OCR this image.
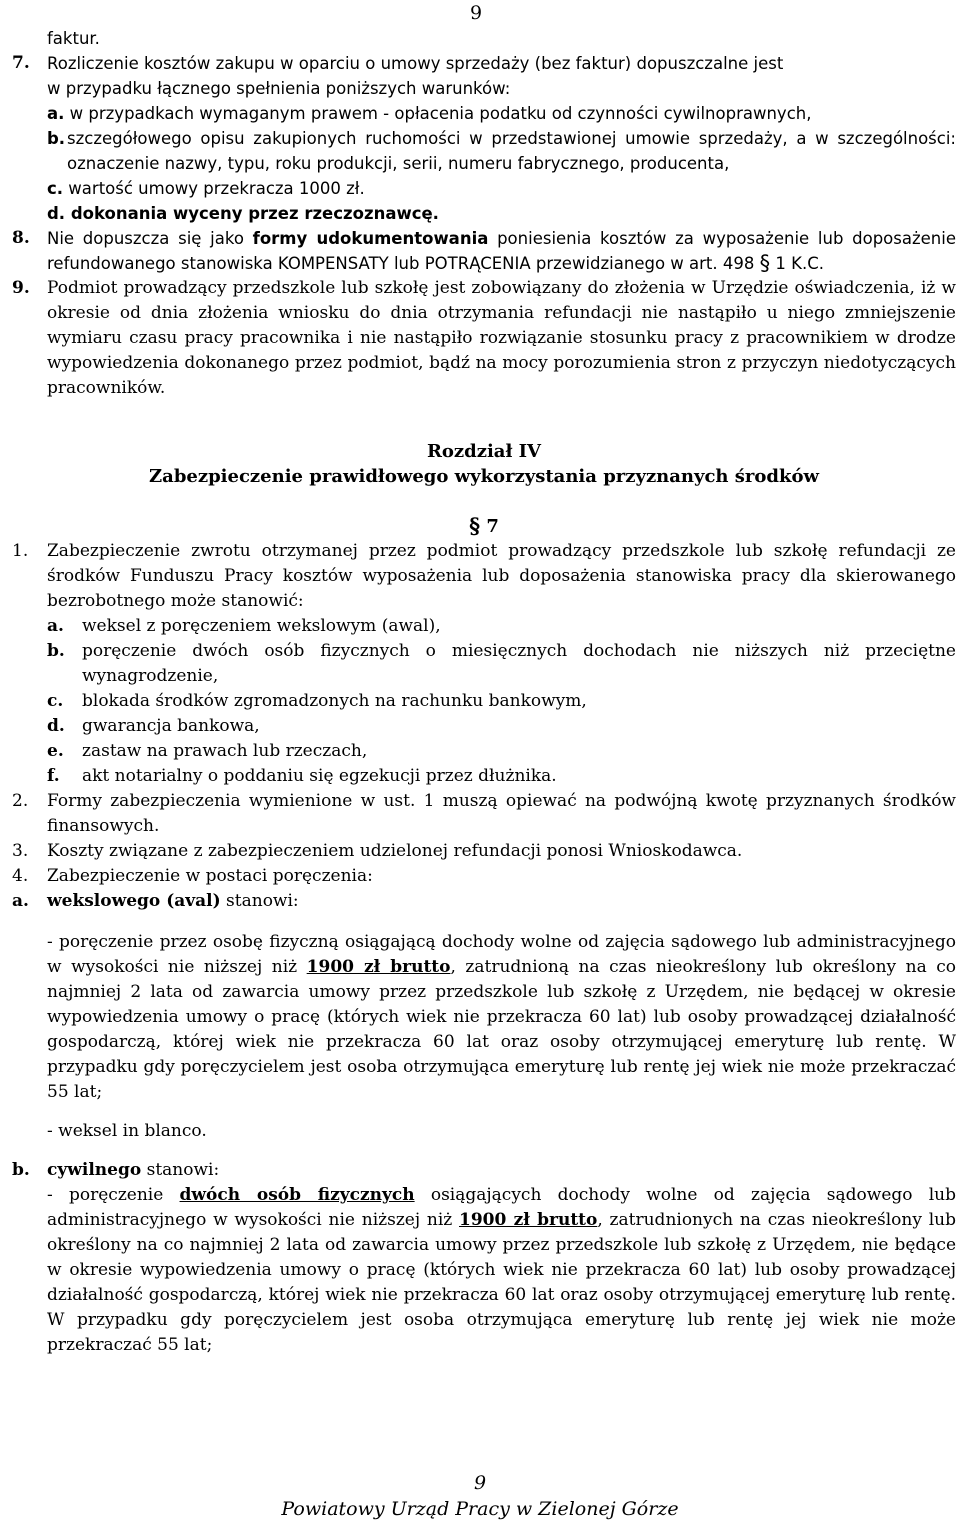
9
faktur.
7.	Rozliczenie kosztów zakupu w oparciu o umowy sprzedaży (bez faktur) dopuszczalne jest
w przypadku łącznego spełnienia poniższych warunków:
a. w przypadkach wymaganym prawem - opłacenia podatku od czynności cywilnoprawnych,
b. szczegółowego opisu zakupionych ruchomości w przedstawionej umowie sprzedaży, a w szczególności: oznaczenie nazwy, typu, roku produkcji, serii, numeru fabrycznego, producenta,
c. wartość umowy przekracza 1000 zł.
d. dokonania wyceny przez rzeczoznawcę.
8.	Nie dopuszcza się jako formy udokumentowania poniesienia kosztów za wyposażenie lub doposażenie refundowanego stanowiska KOMPENSATY lub POTRĄCENIA przewidzianego w art. 498 § 1 K.C.
9.	Podmiot prowadzący przedszkole lub szkołę jest zobowiązany do złożenia w Urzędzie oświadczenia, iż w okresie od dnia złożenia wniosku do dnia otrzymania refundacji nie nastąpiło u niego zmniejszenie wymiaru czasu pracy pracownika i nie nastąpiło rozwiązanie stosunku pracy z pracownikiem w drodze wypowiedzenia dokonanego przez podmiot, bądź na mocy porozumienia stron z przyczyn niedotyczących pracowników.
Rozdział IV
Zabezpieczenie prawidłowego wykorzystania przyznanych środków
§ 7
1.	Zabezpieczenie zwrotu otrzymanej przez podmiot prowadzący przedszkole lub szkołę refundacji ze środków Funduszu Pracy kosztów wyposażenia lub doposażenia stanowiska pracy dla skierowanego bezrobotnego może stanowić:
a.	weksel z poręczeniem wekslowym (awal),
b.	poręczenie dwóch osób fizycznych o miesięcznych dochodach nie niższych niż przeciętne wynagrodzenie,
c.	blokada środków zgromadzonych na rachunku bankowym,
d.	gwarancja bankowa,
e.	zastaw na prawach lub rzeczach,
f.	akt notarialny o poddaniu się egzekucji przez dłużnika.
2.	Formy zabezpieczenia wymienione w ust. 1 muszą opiewać na podwójną kwotę przyznanych środków finansowych.
3.	Koszty związane z zabezpieczeniem udzielonej refundacji ponosi Wnioskodawca.
4.	Zabezpieczenie w postaci poręczenia:
a.	wekslowego (aval) stanowi:
- poręczenie przez osobę fizyczną osiągającą dochody wolne od zajęcia sądowego lub administracyjnego w wysokości nie niższej niż 1900 zł brutto, zatrudnioną na czas nieokreślony lub określony na co najmniej 2 lata od zawarcia umowy przez przedszkole lub szkołę z Urzędem, nie będącej w okresie wypowiedzenia umowy o pracę (których wiek nie przekracza 60 lat) lub osoby prowadzącej działalność gospodarczą, której wiek nie przekracza 60 lat oraz osoby otrzymującej emeryturę lub rentę. W przypadku gdy poręczycielem jest osoba otrzymująca emeryturę lub rentę jej wiek nie może przekraczać 55 lat;
- weksel in blanco.
b.	cywilnego stanowi:
- poręczenie dwóch osób fizycznych osiągających dochody wolne od zajęcia sądowego lub administracyjnego w wysokości nie niższej niż 1900 zł brutto, zatrudnionych na czas nieokreślony lub określony na co najmniej 2 lata od zawarcia umowy przez przedszkole lub szkołę z Urzędem, nie będące w okresie wypowiedzenia umowy o pracę (których wiek nie przekracza 60 lat) lub osoby prowadzącej działalność gospodarczą, której wiek nie przekracza 60 lat oraz osoby otrzymującej emeryturę lub rentę. W przypadku gdy poręczycielem jest osoba otrzymująca emeryturę lub rentę jej wiek nie może przekraczać 55 lat;
9
Powiatowy Urząd Pracy w Zielonej Górze
